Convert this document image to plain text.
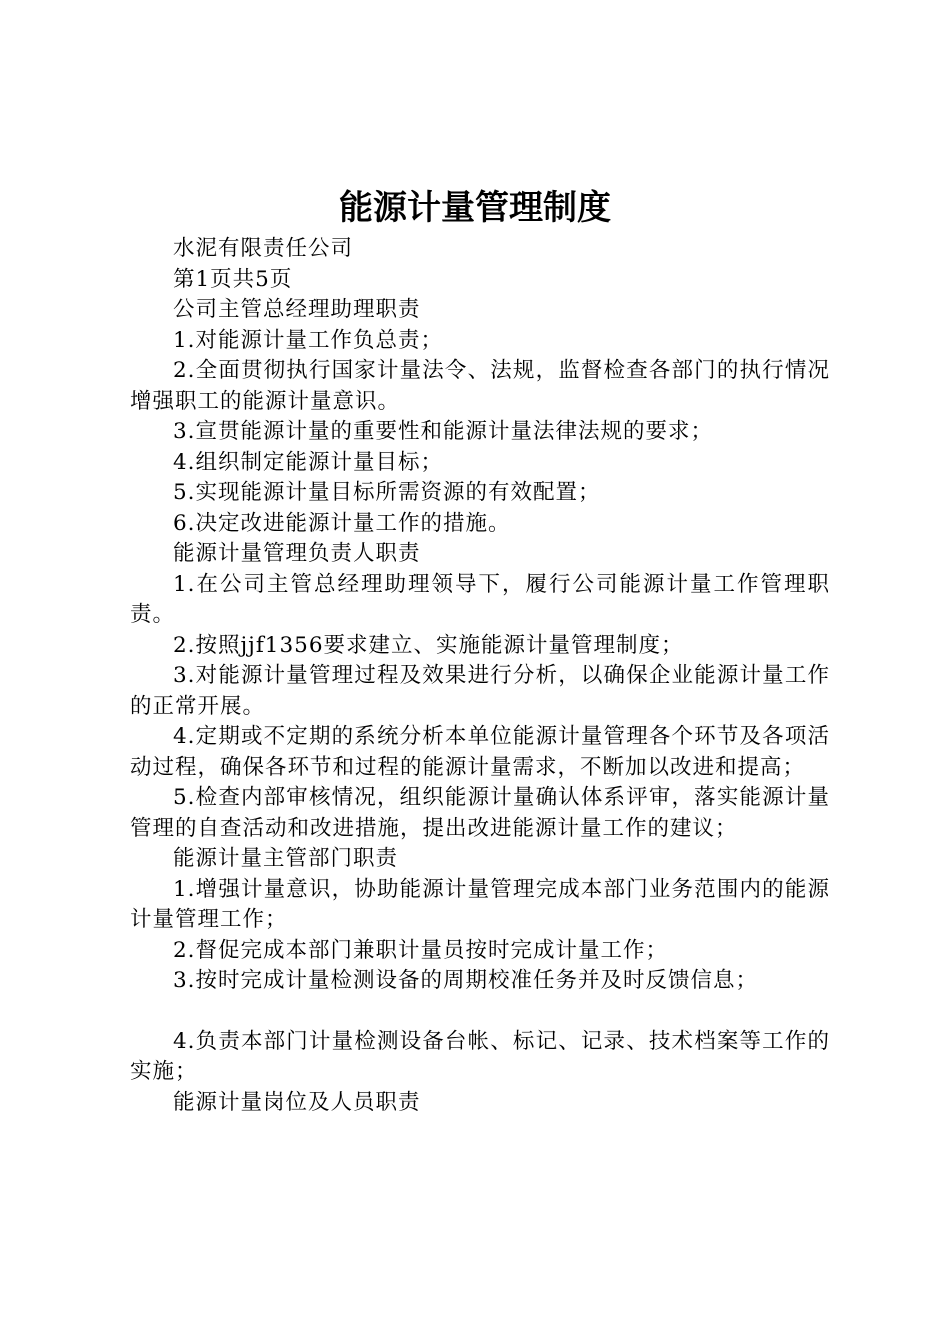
能源计量管理制度

水泥有限责任公司

第1页共5页

公司主管总经理助理职责

1.对能源计量工作负总责；

2.全面贯彻执行国家计量法令、法规，监督检查各部门的执行情况增强职工的能源计量意识。

3.宣贯能源计量的重要性和能源计量法律法规的要求；

4.组织制定能源计量目标；

5.实现能源计量目标所需资源的有效配置；

6.决定改进能源计量工作的措施。

能源计量管理负责人职责

1.在公司主管总经理助理领导下，履行公司能源计量工作管理职责。

2.按照jjf1356要求建立、实施能源计量管理制度；

3.对能源计量管理过程及效果进行分析，以确保企业能源计量工作的正常开展。

4.定期或不定期的系统分析本单位能源计量管理各个环节及各项活动过程，确保各环节和过程的能源计量需求，不断加以改进和提高；

5.检查内部审核情况，组织能源计量确认体系评审，落实能源计量管理的自查活动和改进措施，提出改进能源计量工作的建议；

能源计量主管部门职责

1.增强计量意识，协助能源计量管理完成本部门业务范围内的能源计量管理工作；

2.督促完成本部门兼职计量员按时完成计量工作；

3.按时完成计量检测设备的周期校准任务并及时反馈信息；

4.负责本部门计量检测设备台帐、标记、记录、技术档案等工作的实施；

能源计量岗位及人员职责
